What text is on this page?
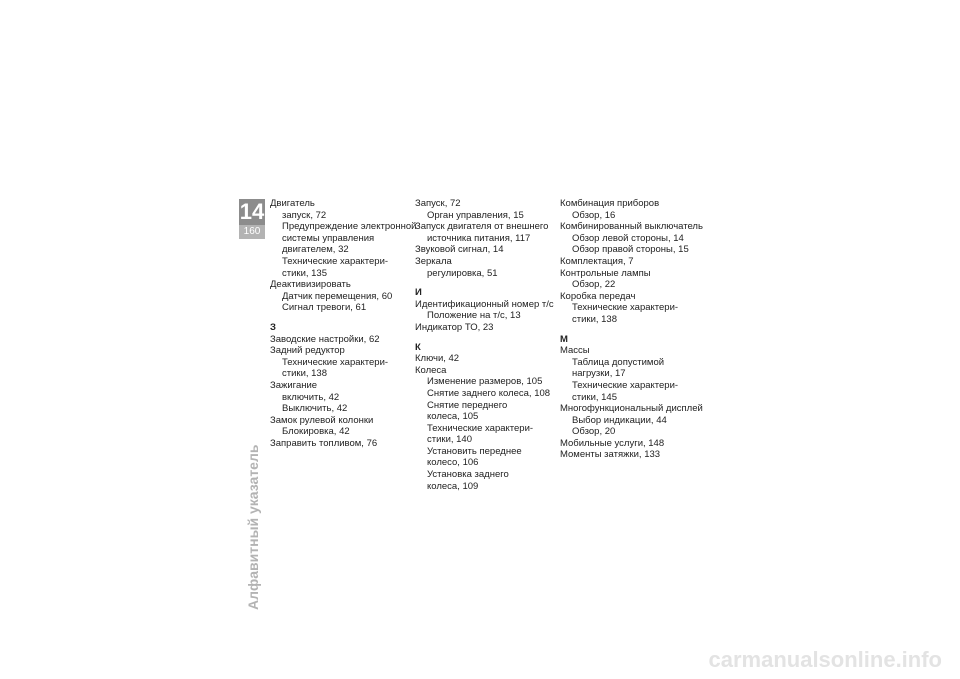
14
160
Алфавитный указатель
Двигатель
запуск, 72
Предупреждение электронной
системы управления
двигателем, 32
Технические характери-
стики, 135
Деактивизировать
Датчик перемещения, 60
Сигнал тревоги, 61
З
Заводские настройки, 62
Задний редуктор
Технические характери-
стики, 138
Зажигание
включить, 42
Выключить, 42
Замок рулевой колонки
Блокировка, 42
Заправить топливом, 76
Запуск, 72
Орган управления, 15
Запуск двигателя от внешнего
источника питания, 117
Звуковой сигнал, 14
Зеркала
регулировка, 51
И
Идентификационный номер т/с
Положение на т/с, 13
Индикатор ТО, 23
К
Ключи, 42
Колеса
Изменение размеров, 105
Снятие заднего колеса, 108
Снятие переднего
колеса, 105
Технические характери-
стики, 140
Установить переднее
колесо, 106
Установка заднего
колеса, 109
Комбинация приборов
Обзор, 16
Комбинированный выключатель
Обзор левой стороны, 14
Обзор правой стороны, 15
Комплектация, 7
Контрольные лампы
Обзор, 22
Коробка передач
Технические характери-
стики, 138
М
Массы
Таблица допустимой
нагрузки, 17
Технические характери-
стики, 145
Многофункциональный дисплей
Выбор индикации, 44
Обзор, 20
Мобильные услуги, 148
Моменты затяжки, 133
carmanualsonline.info
